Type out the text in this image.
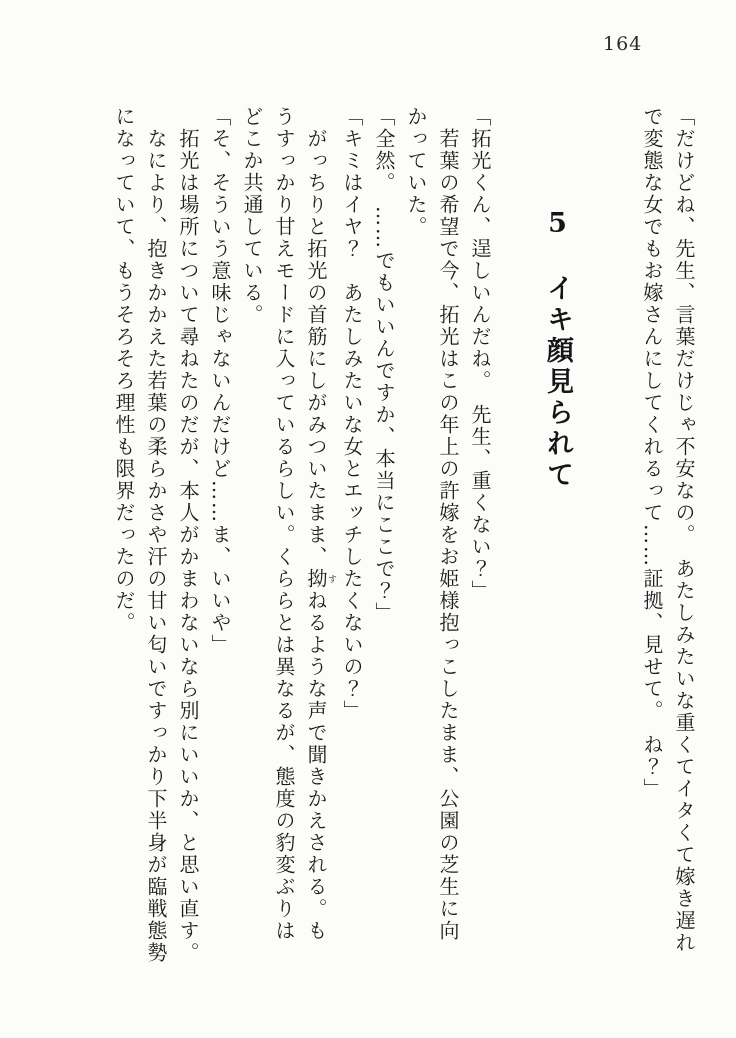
164

「だけどね、先生、言葉だけじゃ不安なの。　あたしみたいな重くてイタくて嫁き遅れ

で変態な女でもお嫁さんにしてくれるって……証拠、見せて。　ね？」

5 イキ顔見られて

「拓光くん、逞しいんだね。　先生、重くない？」

　若葉の希望で今、拓光はこの年上の許嫁をお姫様抱っこしたまま、公園の芝生に向

かっていた。

「全然。　……でもいいんですか、本当にここで？」

「キミはイヤ？　あたしみたいな女とエッチしたくないの？」

　がっちりと拓光の首筋にしがみついたまま、拗すねるような声で聞きかえされる。も

うすっかり甘えモードに入っているらしい。くららとは異なるが、態度の豹変ぶりは

どこか共通している。

「そ、そういう意味じゃないんだけど……ま、いいや」

　拓光は場所について尋ねたのだが、本人がかまわないなら別にいいか、と思い直す。

　なにより、抱きかかえた若葉の柔らかさや汗の甘い匂いですっかり下半身が臨戦態勢

になっていて、もうそろそろ理性も限界だったのだ。
